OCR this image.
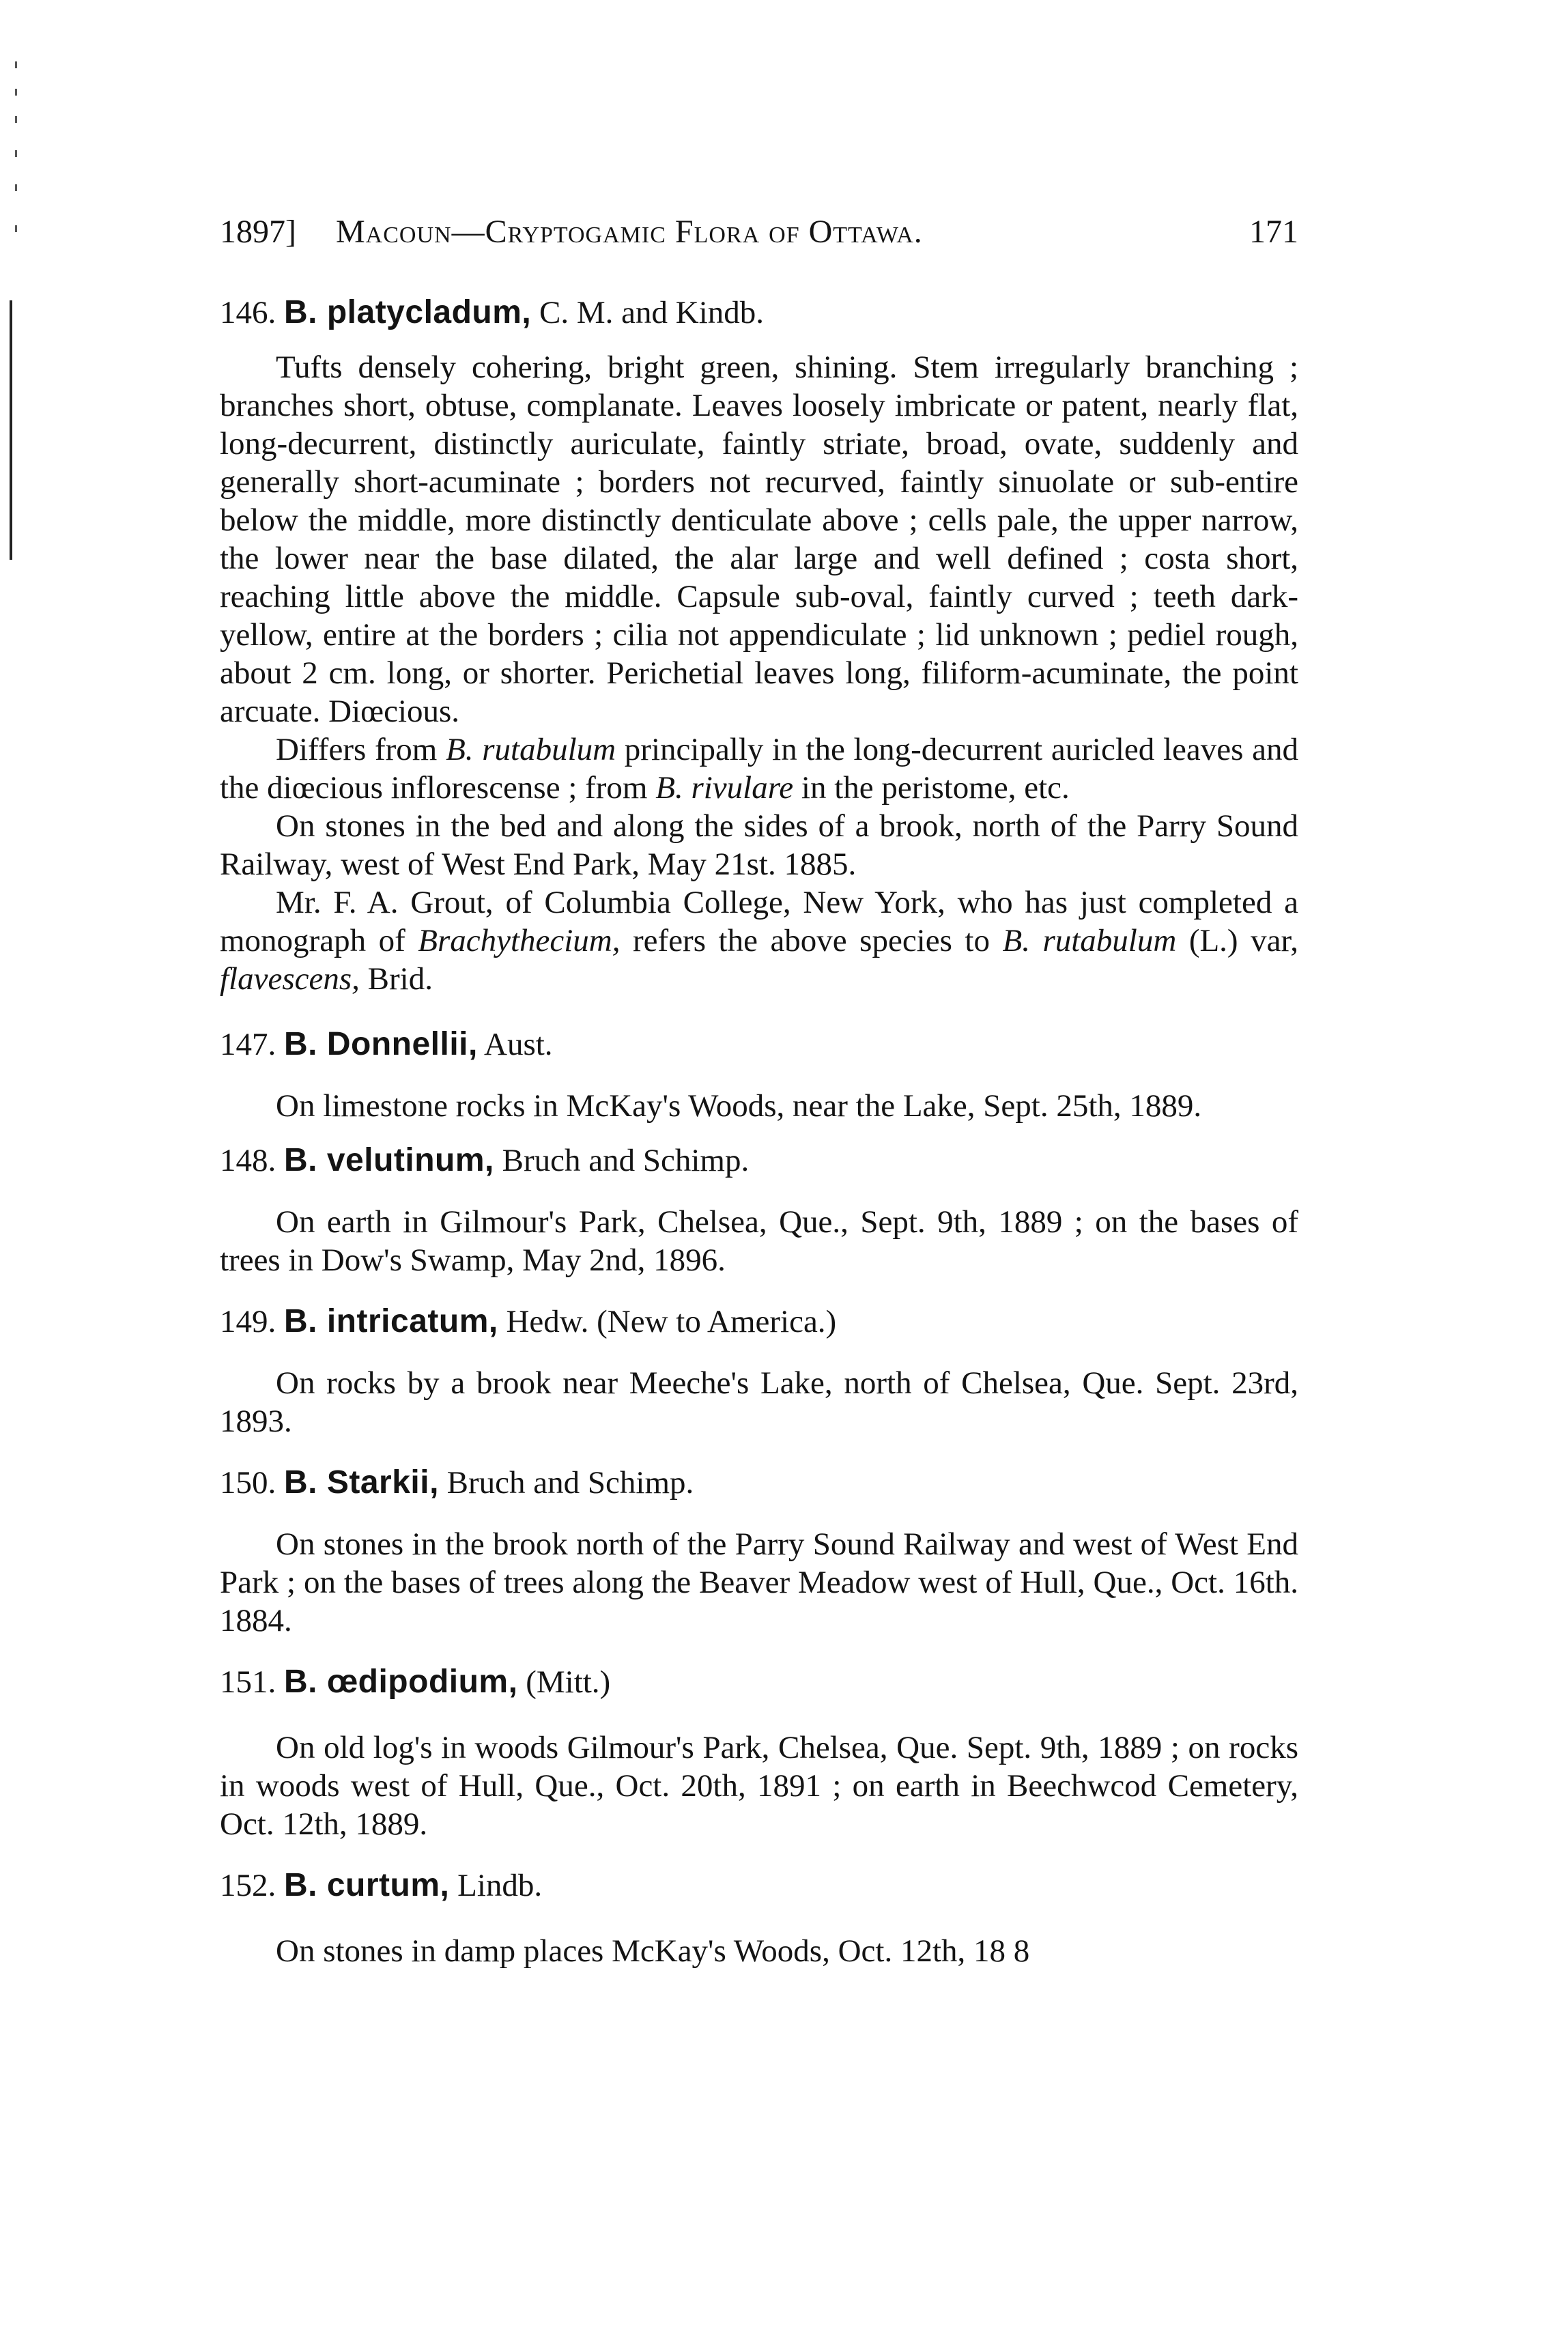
1897] Macoun—Cryptogamic Flora of Ottawa.	171
146. B. platycladum, C. M. and Kindb.

Tufts densely cohering, bright green, shining. Stem irregularly branching ; branches short, obtuse, complanate. Leaves loosely imbricate or patent, nearly flat, long-decurrent, distinctly auriculate, faintly striate, broad, ovate, suddenly and generally short-acuminate ; borders not recurved, faintly sinuolate or sub-entire below the middle, more distinctly denticulate above ; cells pale, the upper narrow, the lower near the base dilated, the alar large and well defined ; costa short, reaching little above the middle. Capsule sub-oval, faintly curved ; teeth dark-yellow, entire at the borders ; cilia not appendiculate ; lid unknown ; pediel rough, about 2 cm. long, or shorter. Perichetial leaves long, filiform-acuminate, the point arcuate. Diœcious.

Differs from B. rutabulum principally in the long-decurrent auricled leaves and the diœcious inflorescense ; from B. rivulare in the peristome, etc.

On stones in the bed and along the sides of a brook, north of the Parry Sound Railway, west of West End Park, May 21st. 1885.

Mr. F. A. Grout, of Columbia College, New York, who has just completed a monograph of Brachythecium, refers the above species to B. rutabulum (L.) var, flavescens, Brid.

147. B. Donnellii, Aust.

On limestone rocks in McKay's Woods, near the Lake, Sept. 25th, 1889.

148. B. velutinum, Bruch and Schimp.

On earth in Gilmour's Park, Chelsea, Que., Sept. 9th, 1889 ; on the bases of trees in Dow's Swamp, May 2nd, 1896.

149. B. intricatum, Hedw. (New to America.)

On rocks by a brook near Meeche's Lake, north of Chelsea, Que. Sept. 23rd, 1893.

150. B. Starkii, Bruch and Schimp.

On stones in the brook north of the Parry Sound Railway and west of West End Park ; on the bases of trees along the Beaver Meadow west of Hull, Que., Oct. 16th. 1884.

151. B. œdipodium, (Mitt.)

On old log's in woods Gilmour's Park, Chelsea, Que. Sept. 9th, 1889 ; on rocks in woods west of Hull, Que., Oct. 20th, 1891 ; on earth in Beechwcod Cemetery, Oct. 12th, 1889.

152. B. curtum, Lindb.

On stones in damp places McKay's Woods, Oct. 12th, 18 8
